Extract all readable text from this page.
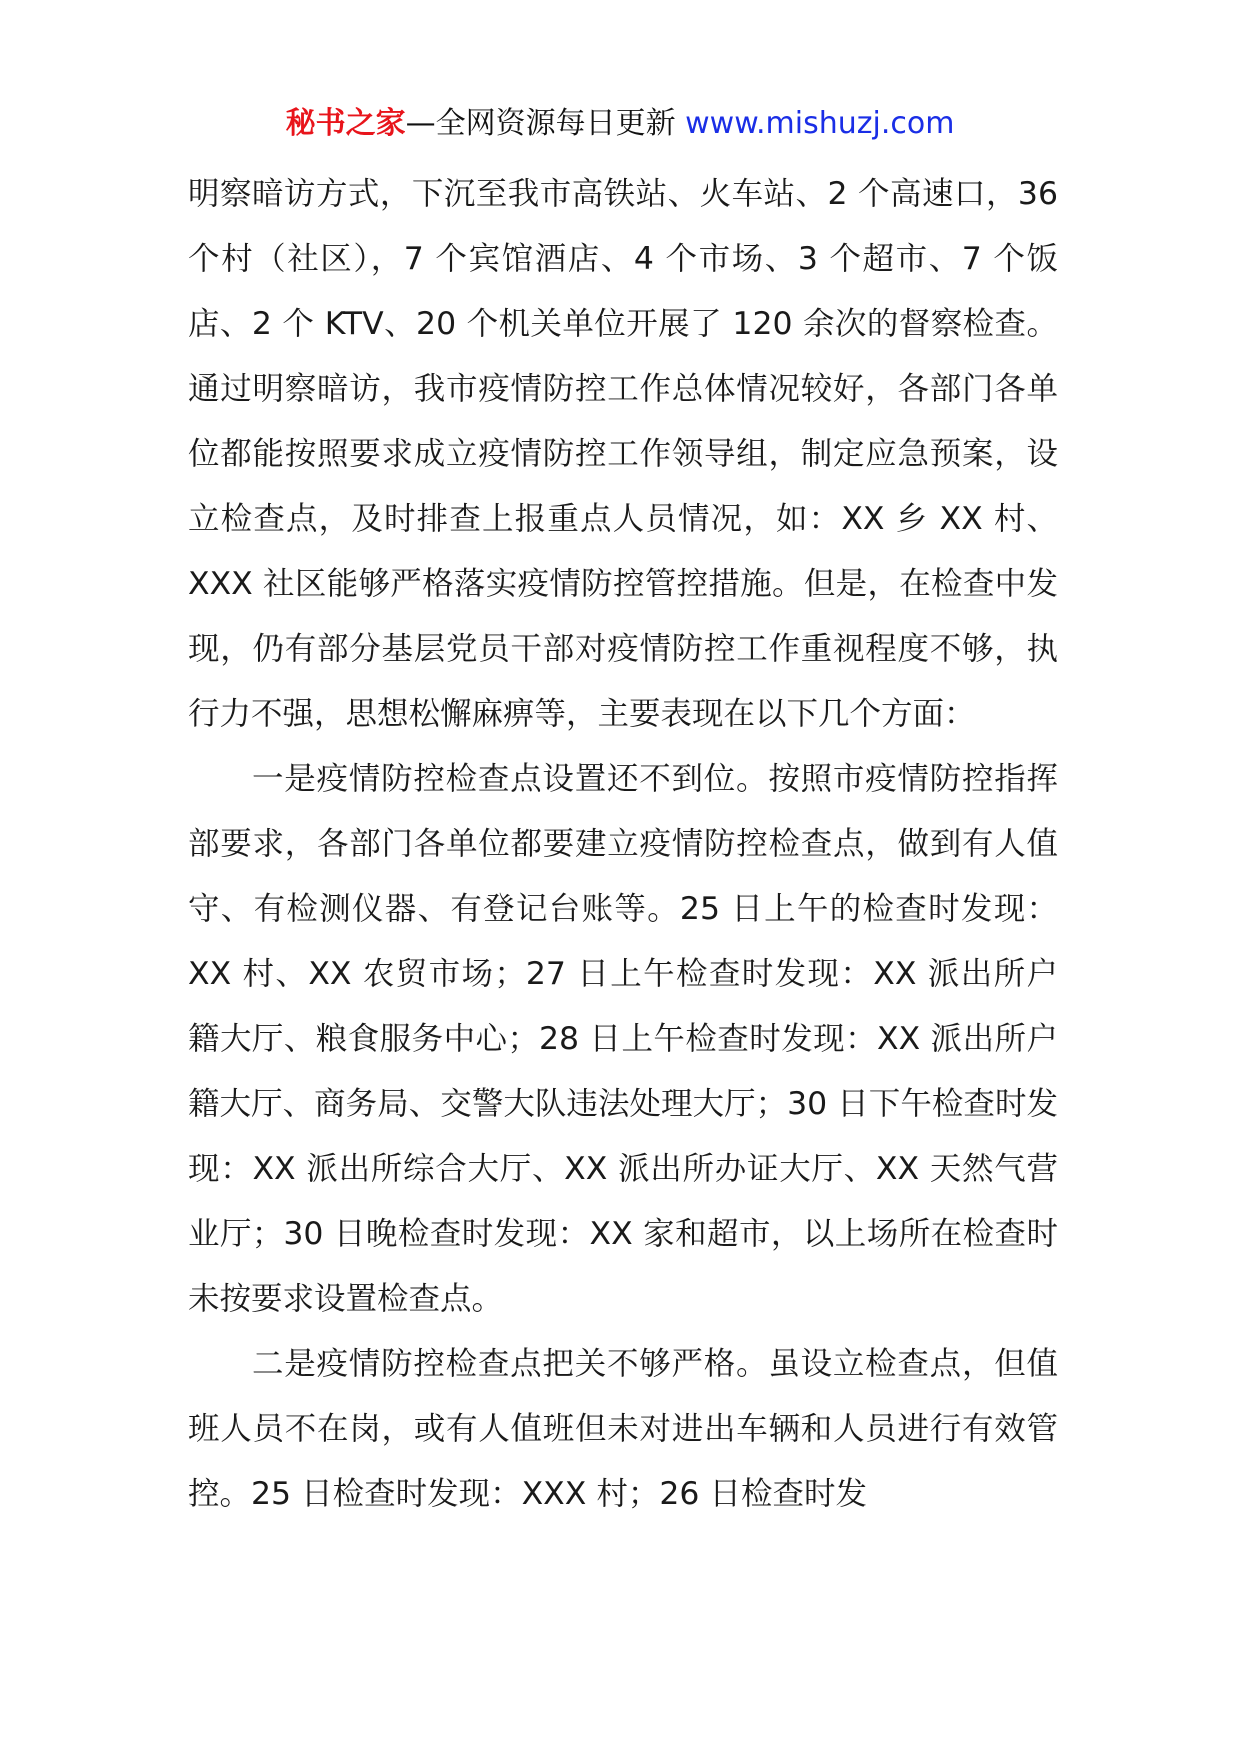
秘书之家—全网资源每日更新 www.mishuzj.com

明察暗访方式，下沉至我市高铁站、火车站、2 个高速口，36 个村（社区），7 个宾馆酒店、4 个市场、3 个超市、7 个饭店、2 个 KTV、20 个机关单位开展了 120 余次的督察检查。通过明察暗访，我市疫情防控工作总体情况较好，各部门各单位都能按照要求成立疫情防控工作领导组，制定应急预案，设立检查点，及时排查上报重点人员情况，如：XX 乡 XX 村、XXX 社区能够严格落实疫情防控管控措施。但是，在检查中发现，仍有部分基层党员干部对疫情防控工作重视程度不够，执行力不强，思想松懈麻痹等，主要表现在以下几个方面：

一是疫情防控检查点设置还不到位。按照市疫情防控指挥部要求，各部门各单位都要建立疫情防控检查点，做到有人值守、有检测仪器、有登记台账等。25 日上午的检查时发现：XX 村、XX 农贸市场；27 日上午检查时发现：XX 派出所户籍大厅、粮食服务中心；28 日上午检查时发现：XX 派出所户籍大厅、商务局、交警大队违法处理大厅；30 日下午检查时发现：XX 派出所综合大厅、XX 派出所办证大厅、XX 天然气营业厅；30 日晚检查时发现：XX 家和超市，以上场所在检查时未按要求设置检查点。

二是疫情防控检查点把关不够严格。虽设立检查点，但值班人员不在岗，或有人值班但未对进出车辆和人员进行有效管控。25 日检查时发现：XXX 村；26 日检查时发
